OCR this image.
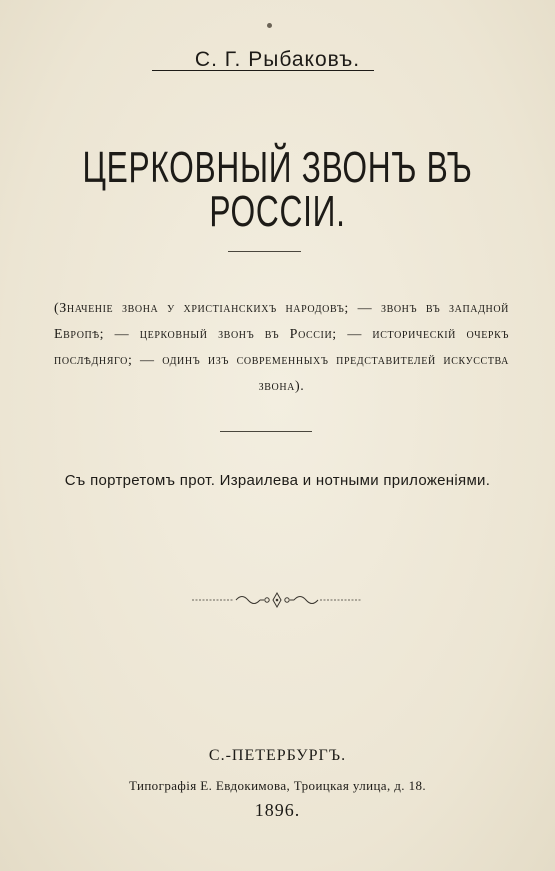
С. Г. Рыбаковъ.
ЦЕРКОВНЫЙ ЗВОНЪ ВЪ РОССІИ.
(Значеніе звона у христіанскихъ народовъ; — звонъ въ западной Европѣ; — церковный звонъ въ Россіи; — историческій очеркъ послѣдняго; — одинъ изъ современныхъ представителей искусства звона).
Съ портретомъ прот. Израилева и нотными приложеніями.
С.-ПЕТЕРБУРГЪ.
Типографія Е. Евдокимова, Троицкая улица, д. 18.
1896.
